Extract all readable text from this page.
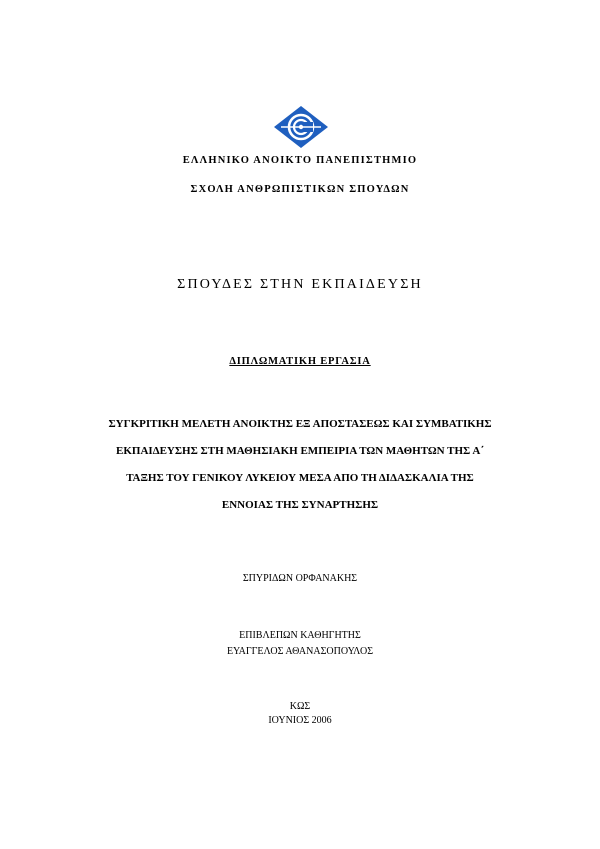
ΕΛΛΗΝΙΚΟ ΑΝΟΙΚΤΟ ΠΑΝΕΠΙΣΤΗΜΙΟ
ΣΧΟΛΗ ΑΝΘΡΩΠΙΣΤΙΚΩΝ ΣΠΟΥΔΩΝ
ΣΠΟΥΔΕΣ ΣΤΗΝ ΕΚΠΑΙΔΕΥΣΗ
ΔΙΠΛΩΜΑΤΙΚΗ ΕΡΓΑΣΙΑ
ΣΥΓΚΡΙΤΙΚΗ ΜΕΛΕΤΗ ΑΝΟΙΚΤΗΣ ΕΞ ΑΠΟΣΤΑΣΕΩΣ ΚΑΙ ΣΥΜΒΑΤΙΚΗΣ
ΕΚΠΑΙΔΕΥΣΗΣ ΣΤΗ ΜΑΘΗΣΙΑΚΗ ΕΜΠΕΙΡΙΑ ΤΩΝ ΜΑΘΗΤΩΝ ΤΗΣ Α΄
ΤΑΞΗΣ ΤΟΥ ΓΕΝΙΚΟΥ ΛΥΚΕΙΟΥ ΜΕΣΑ ΑΠΟ ΤΗ ΔΙΔΑΣΚΑΛΙΑ ΤΗΣ
ΕΝΝΟΙΑΣ ΤΗΣ ΣΥΝΑΡΤΗΣΗΣ
ΣΠΥΡΙΔΩΝ ΟΡΦΑΝΑΚΗΣ
ΕΠΙΒΛΕΠΩΝ ΚΑΘΗΓΗΤΗΣ
ΕΥΑΓΓΕΛΟΣ ΑΘΑΝΑΣΟΠΟΥΛΟΣ
ΚΩΣ
ΙΟΥΝΙΟΣ 2006
